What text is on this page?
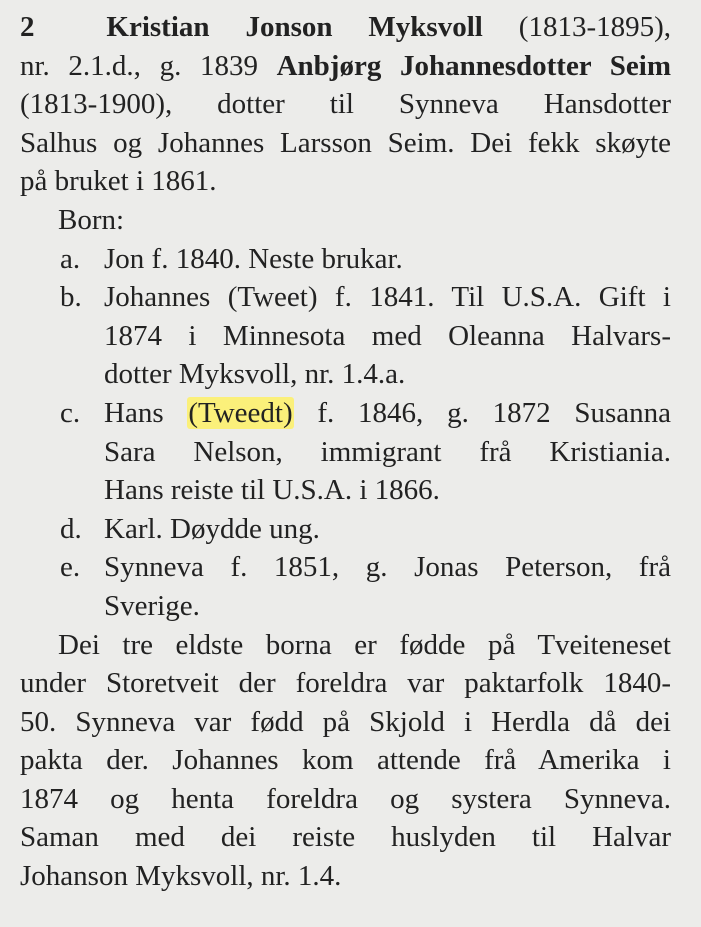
2 Kristian Jonson Myksvoll (1813-1895),
nr. 2.1.d., g. 1839 Anbjørg Johannesdotter Seim
(1813-1900), dotter til Synneva Hansdotter
Salhus og Johannes Larsson Seim. Dei fekk skøyte
på bruket i 1861.
Born:
a. Jon f. 1840. Neste brukar.
b. Johannes (Tweet) f. 1841. Til U.S.A. Gift i
1874 i Minnesota med Oleanna Halvars-
dotter Myksvoll, nr. 1.4.a.
c. Hans (Tweedt) f. 1846, g. 1872 Susanna
Sara Nelson, immigrant frå Kristiania.
Hans reiste til U.S.A. i 1866.
d. Karl. Døydde ung.
e. Synneva f. 1851, g. Jonas Peterson, frå
Sverige.
Dei tre eldste borna er fødde på Tveiteneset
under Storetveit der foreldra var paktarfolk 1840-
50. Synneva var fødd på Skjold i Herdla då dei
pakta der. Johannes kom attende frå Amerika i
1874 og henta foreldra og systera Synneva.
Saman med dei reiste huslyden til Halvar
Johanson Myksvoll, nr. 1.4.
